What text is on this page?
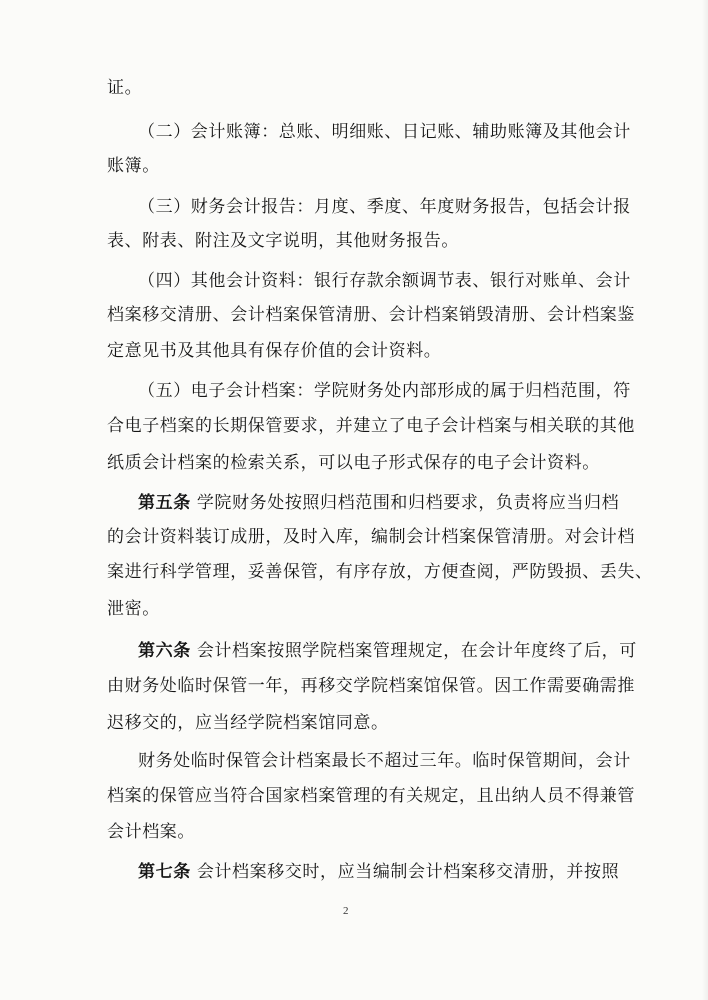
证。
（二）会计账簿：总账、明细账、日记账、辅助账簿及其他会计
账簿。
（三）财务会计报告：月度、季度、年度财务报告，包括会计报
表、附表、附注及文字说明，其他财务报告。
（四）其他会计资料：银行存款余额调节表、银行对账单、会计
档案移交清册、会计档案保管清册、会计档案销毁清册、会计档案鉴
定意见书及其他具有保存价值的会计资料。
（五）电子会计档案：学院财务处内部形成的属于归档范围，符
合电子档案的长期保管要求，并建立了电子会计档案与相关联的其他
纸质会计档案的检索关系，可以电子形式保存的电子会计资料。
第五条 学院财务处按照归档范围和归档要求，负责将应当归档
的会计资料装订成册，及时入库，编制会计档案保管清册。对会计档
案进行科学管理，妥善保管，有序存放，方便查阅，严防毁损、丢失、
泄密。
第六条 会计档案按照学院档案管理规定，在会计年度终了后，可
由财务处临时保管一年，再移交学院档案馆保管。因工作需要确需推
迟移交的，应当经学院档案馆同意。
财务处临时保管会计档案最长不超过三年。临时保管期间，会计
档案的保管应当符合国家档案管理的有关规定，且出纳人员不得兼管
会计档案。
第七条 会计档案移交时，应当编制会计档案移交清册，并按照
2
